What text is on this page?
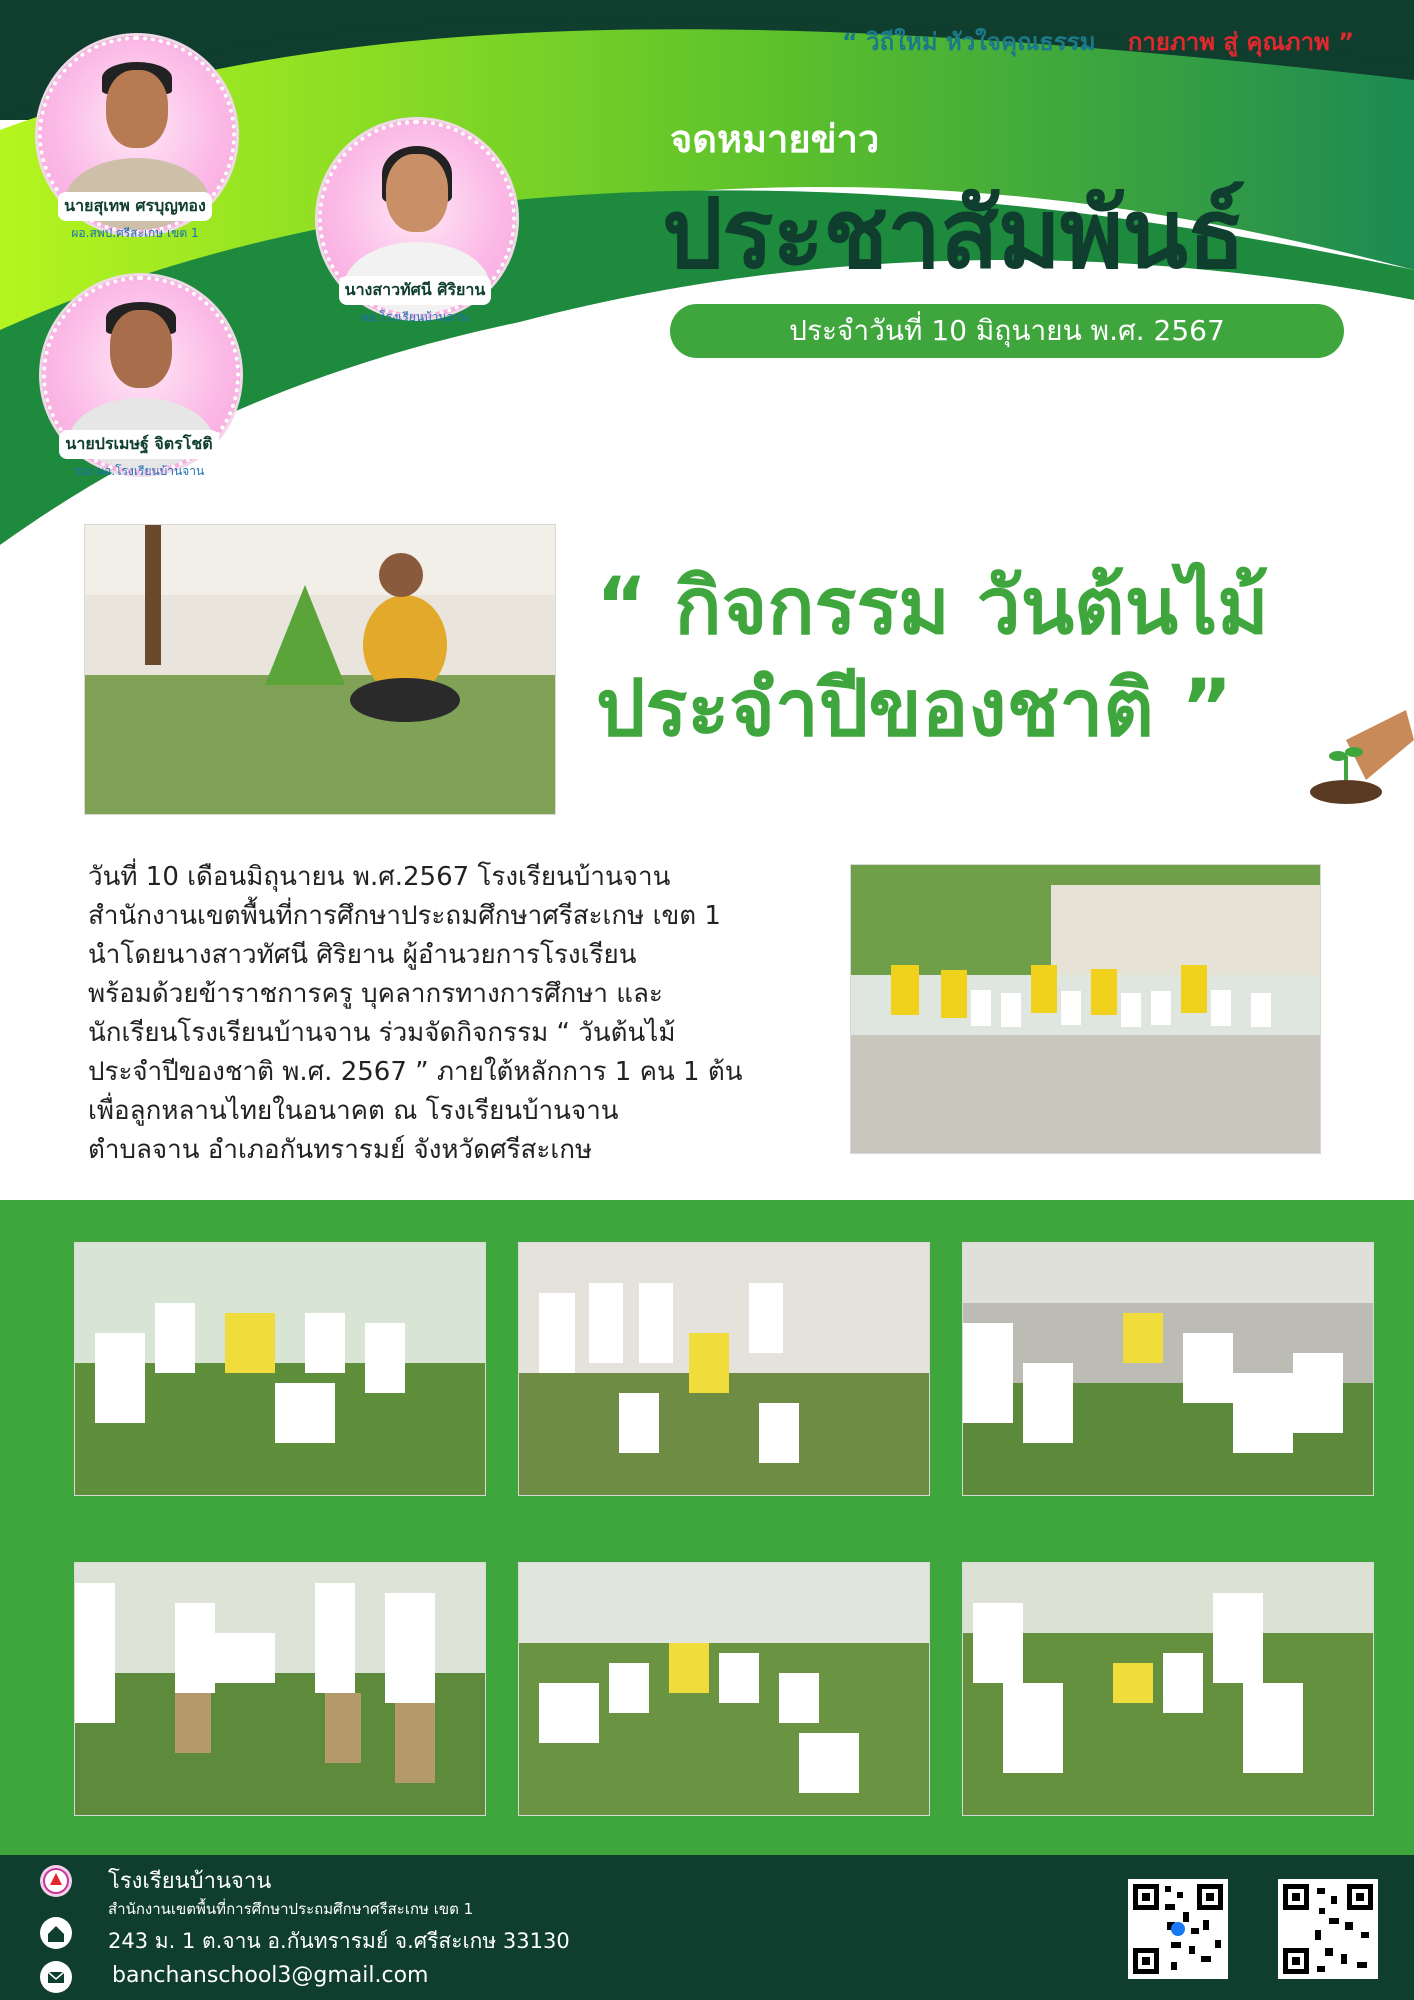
“ วิถีใหม่ หัวใจคุณธรรม กายภาพ สู่ คุณภาพ ”
จดหมายข่าว
ประชาสัมพันธ์
ประจำวันที่ 10 มิถุนายน พ.ศ. 2567
นายสุเทพ ศรบุญทอง
ผอ.สพป.ศรีสะเกษ เขต 1
นางสาวทัศนี ศิริยาน
ผอ.โรงเรียนบ้านจาน
นายปรเมษฐ์ จิตรโชติ
รอง ผอ.โรงเรียนบ้านจาน
“ กิจกรรม วันต้นไม้
ประจำปีของชาติ ”

วันที่ 10 เดือนมิถุนายน พ.ศ.2567 โรงเรียนบ้านจาน

สำนักงานเขตพื้นที่การศึกษาประถมศึกษาศรีสะเกษ เขต 1

นำโดยนางสาวทัศนี ศิริยาน ผู้อำนวยการโรงเรียน

พร้อมด้วยข้าราชการครู บุคลากรทางการศึกษา และ

นักเรียนโรงเรียนบ้านจาน ร่วมจัดกิจกรรม “ วันต้นไม้

ประจำปีของชาติ พ.ศ. 2567 ” ภายใต้หลักการ 1 คน 1 ต้น

เพื่อลูกหลานไทยในอนาคต ณ โรงเรียนบ้านจาน

ตำบลจาน อำเภอกันทรารมย์ จังหวัดศรีสะเกษ

โรงเรียนบ้านจาน
สำนักงานเขตพื้นที่การศึกษาประถมศึกษาศรีสะเกษ เขต 1
243 ม. 1 ต.จาน อ.กันทรารมย์ จ.ศรีสะเกษ 33130
banchanschool3@gmail.com
